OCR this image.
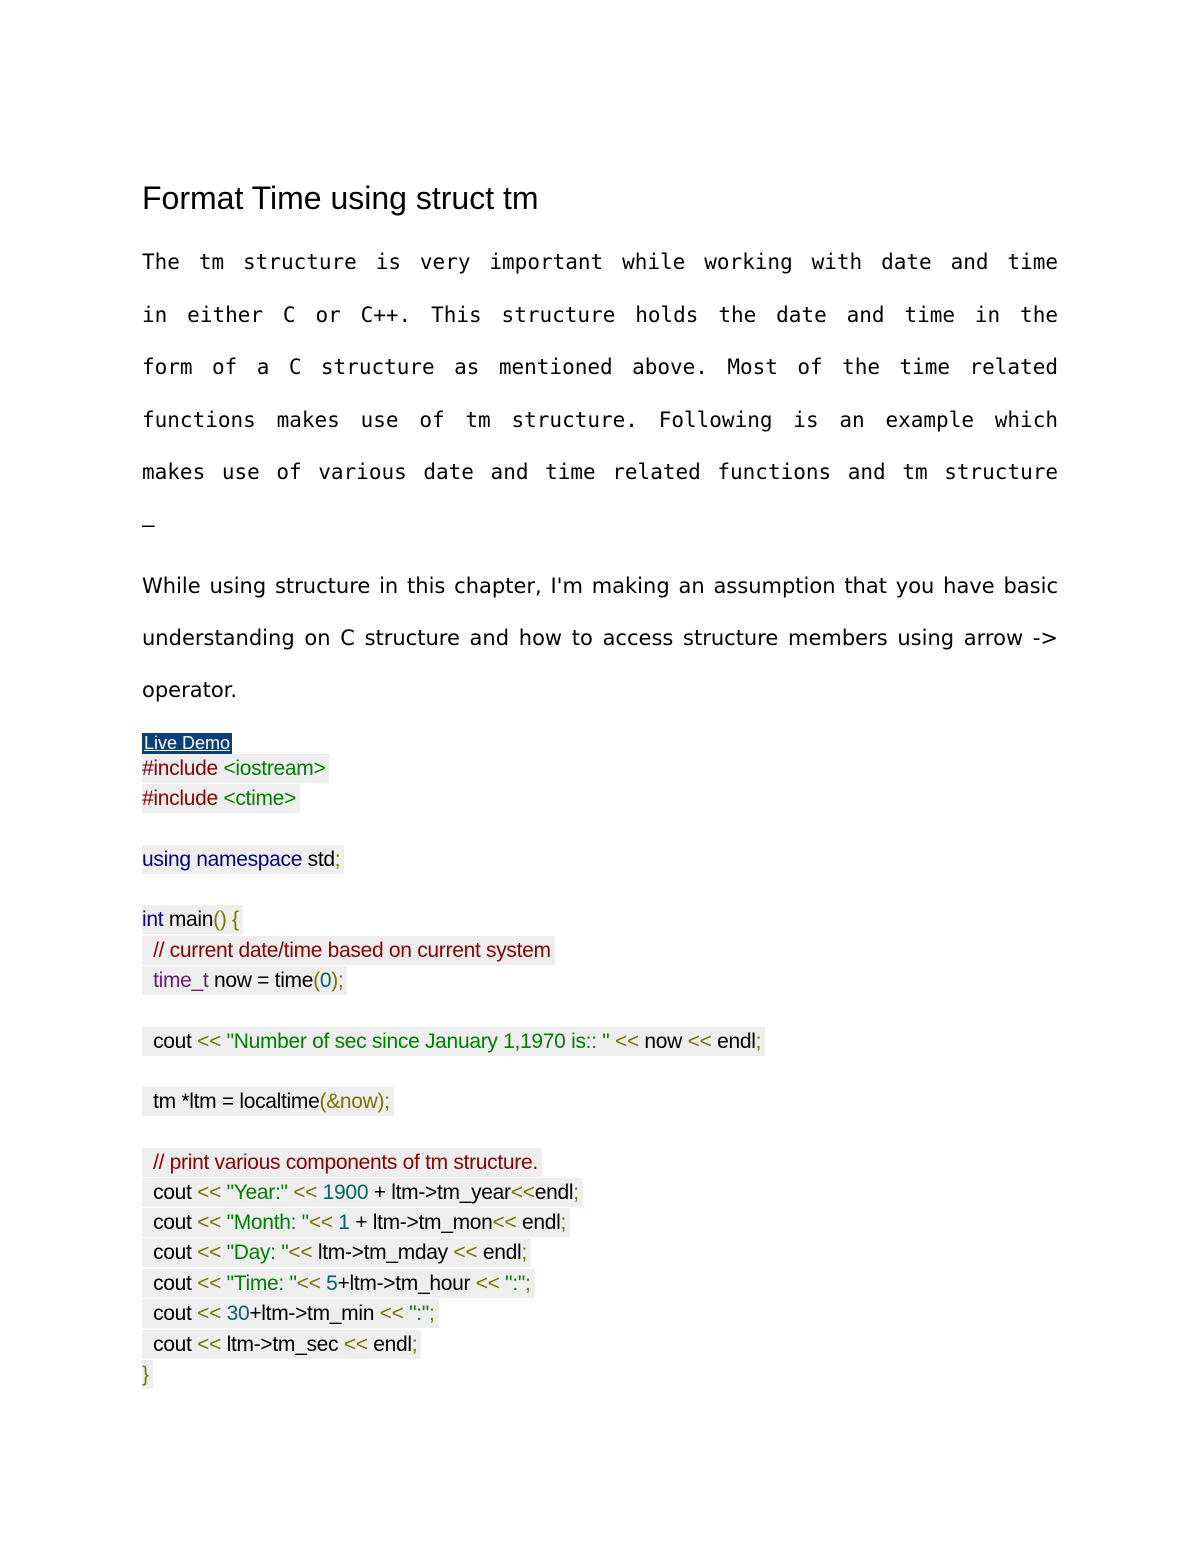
Format Time using struct tm
The tm structure is very important while working with date and time
in either C or C++. This structure holds the date and time in the
form of a C structure as mentioned above. Most of the time related
functions makes use of tm structure. Following is an example which
makes use of various date and time related functions and tm structure
–
While using structure in this chapter, I'm making an assumption that you have basic
understanding on C structure and how to access structure members using arrow ->
operator.
Live Demo
#include <iostream>
#include <ctime>
using namespace std;
int main() {
// current date/time based on current system
time_t now = time(0);
cout << "Number of sec since January 1,1970 is:: " << now << endl;
tm *ltm = localtime(&now);
// print various components of tm structure.
cout << "Year:" << 1900 + ltm->tm_year<<endl;
cout << "Month: "<< 1 + ltm->tm_mon<< endl;
cout << "Day: "<< ltm->tm_mday << endl;
cout << "Time: "<< 5+ltm->tm_hour << ":";
cout << 30+ltm->tm_min << ":";
cout << ltm->tm_sec << endl;
}
